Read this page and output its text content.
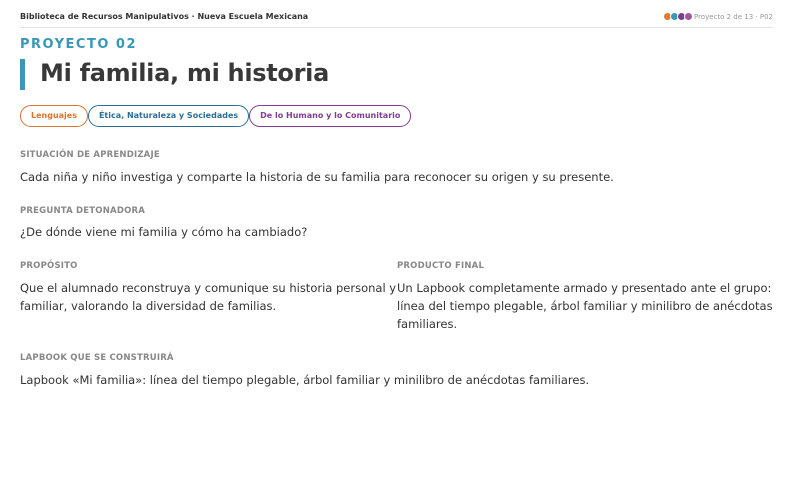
Biblioteca de Recursos Manipulativos · Nueva Escuela Mexicana	Proyecto 2 de 13 · P02
PROYECTO 02
Mi familia, mi historia
Lenguajes	Ética, Naturaleza y Sociedades	De lo Humano y lo Comunitario
SITUACIÓN DE APRENDIZAJE
Cada niña y niño investiga y comparte la historia de su familia para reconocer su origen y su presente.
PREGUNTA DETONADORA
¿De dónde viene mi familia y cómo ha cambiado?
PROPÓSITO
Que el alumnado reconstruya y comunique su historia personal y familiar, valorando la diversidad de familias.
PRODUCTO FINAL
Un Lapbook completamente armado y presentado ante el grupo: línea del tiempo plegable, árbol familiar y minilibro de anécdotas familiares.
LAPBOOK QUE SE CONSTRUIRÁ
Lapbook «Mi familia»: línea del tiempo plegable, árbol familiar y minilibro de anécdotas familiares.
